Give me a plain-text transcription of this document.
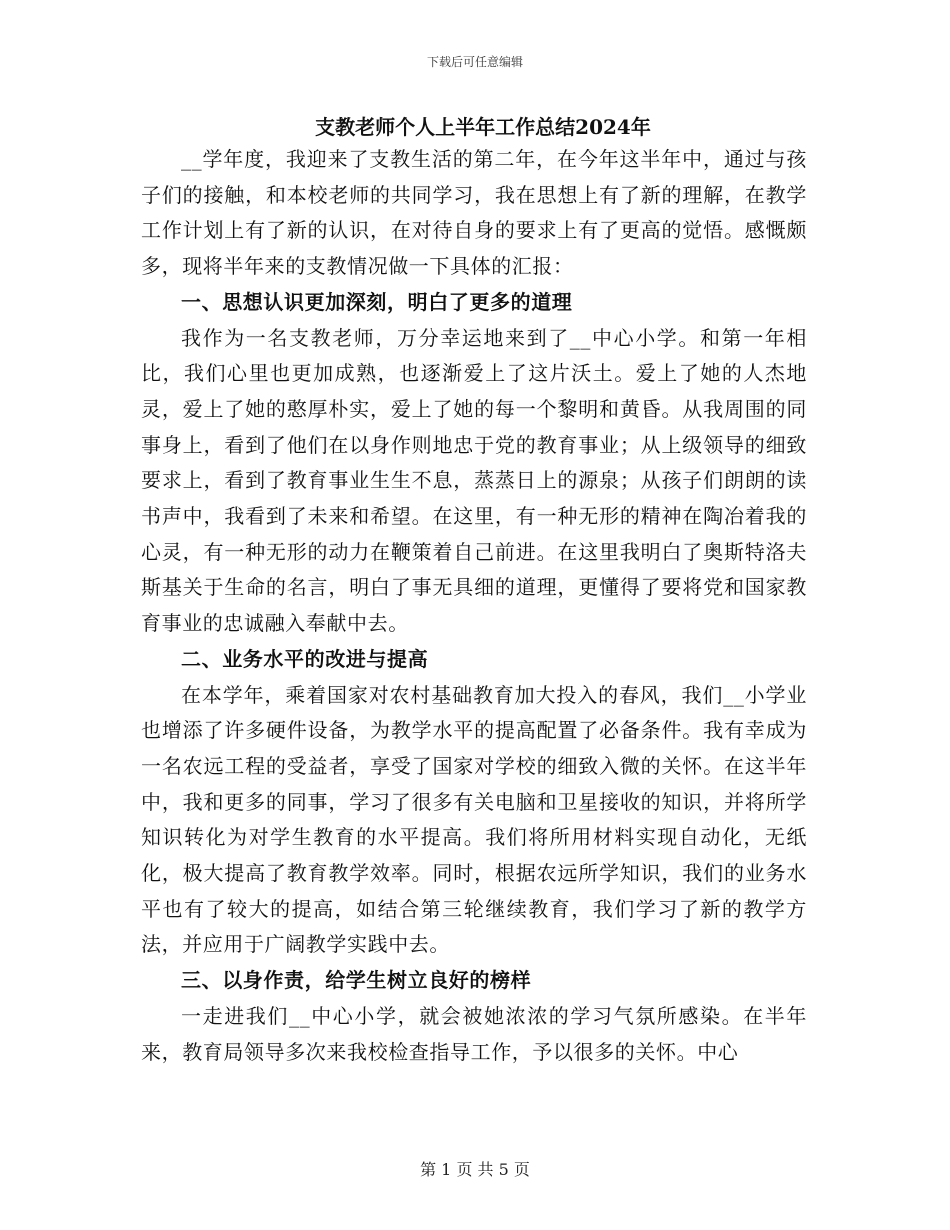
下载后可任意编辑
支教老师个人上半年工作总结2024年

__学年度，我迎来了支教生活的第二年，在今年这半年中，通过与孩子们的接触，和本校老师的共同学习，我在思想上有了新的理解，在教学工作计划上有了新的认识，在对待自身的要求上有了更高的觉悟。感慨颇多，现将半年来的支教情况做一下具体的汇报：

一、思想认识更加深刻，明白了更多的道理

我作为一名支教老师，万分幸运地来到了__中心小学。和第一年相比，我们心里也更加成熟，也逐渐爱上了这片沃土。爱上了她的人杰地灵，爱上了她的憨厚朴实，爱上了她的每一个黎明和黄昏。从我周围的同事身上，看到了他们在以身作则地忠于党的教育事业；从上级领导的细致要求上，看到了教育事业生生不息，蒸蒸日上的源泉；从孩子们朗朗的读书声中，我看到了未来和希望。在这里，有一种无形的精神在陶冶着我的心灵，有一种无形的动力在鞭策着自己前进。在这里我明白了奥斯特洛夫斯基关于生命的名言，明白了事无具细的道理，更懂得了要将党和国家教育事业的忠诚融入奉献中去。

二、业务水平的改进与提高

在本学年，乘着国家对农村基础教育加大投入的春风，我们__小学业也增添了许多硬件设备，为教学水平的提高配置了必备条件。我有幸成为一名农远工程的受益者，享受了国家对学校的细致入微的关怀。在这半年中，我和更多的同事，学习了很多有关电脑和卫星接收的知识，并将所学知识转化为对学生教育的水平提高。我们将所用材料实现自动化，无纸化，极大提高了教育教学效率。同时，根据农远所学知识，我们的业务水平也有了较大的提高，如结合第三轮继续教育，我们学习了新的教学方法，并应用于广阔教学实践中去。

三、以身作责，给学生树立良好的榜样

一走进我们__中心小学，就会被她浓浓的学习气氛所感染。在半年来，教育局领导多次来我校检查指导工作，予以很多的关怀。中心

第 1 页 共 5 页
